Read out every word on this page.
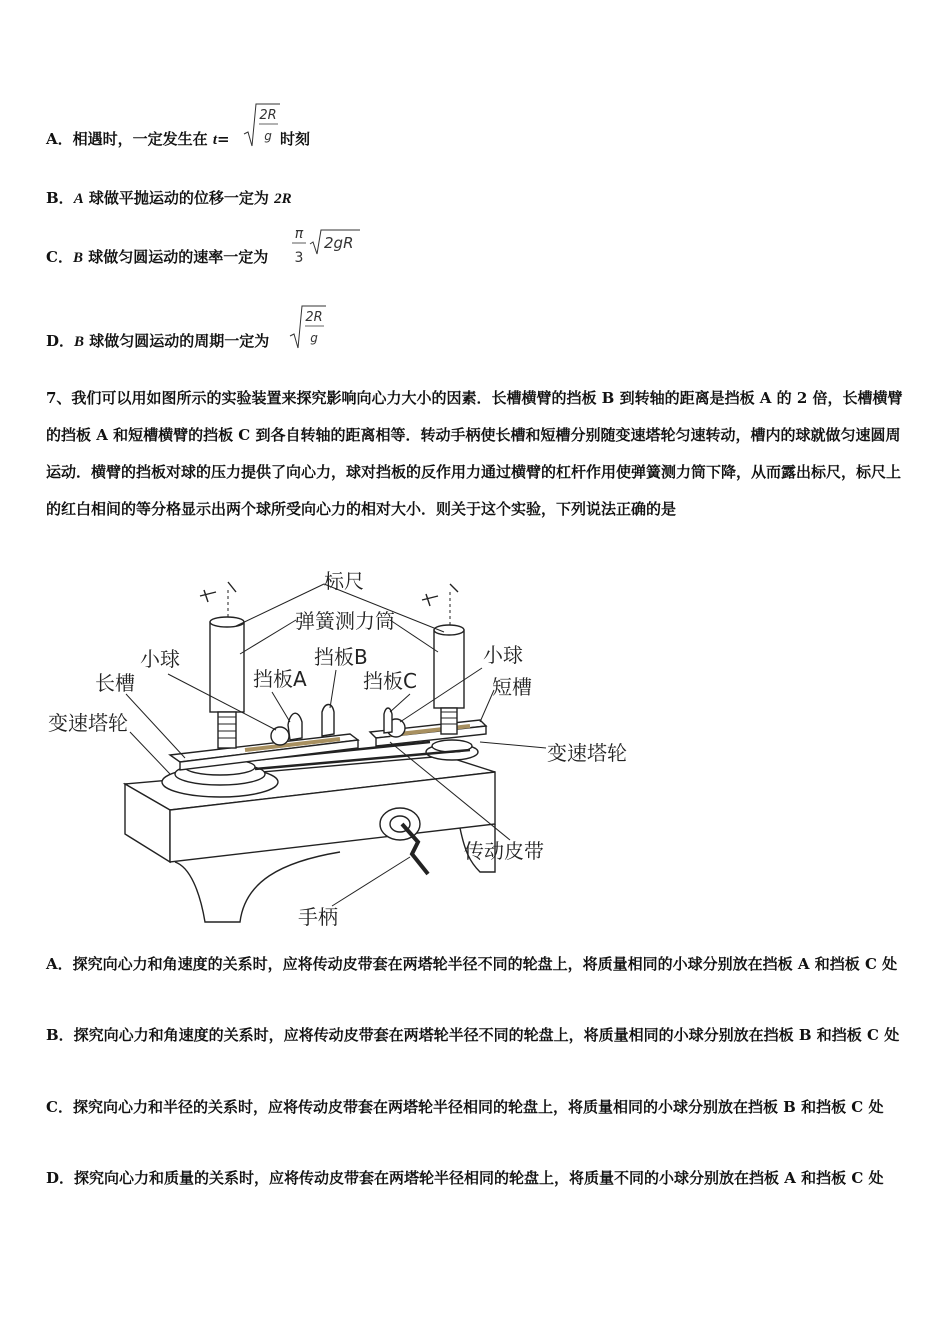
A．相遇时，一定发生在 t=
2R
g 时刻
B．A 球做平抛运动的位移一定为 2R
C．B 球做匀圆运动的速率一定为
π
3
2gR
D．B 球做匀圆运动的周期一定为
2R
g
7、我们可以用如图所示的实验装置来探究影响向心力大小的因素．长槽横臂的挡板 B 到转轴的距离是挡板 A 的 2 倍，长槽横臂的挡板 A 和短槽横臂的挡板 C 到各自转轴的距离相等．转动手柄使长槽和短槽分别随变速塔轮匀速转动，槽内的球就做匀速圆周运动．横臂的挡板对球的压力提供了向心力，球对挡板的反作用力通过横臂的杠杆作用使弹簧测力筒下降，从而露出标尺，标尺上的红白相间的等分格显示出两个球所受向心力的相对大小．则关于这个实验，下列说法正确的是
标尺
弹簧测力筒
小球	小球
长槽	短槽
挡板A
挡板B
挡板C
变速塔轮
变速塔轮
传动皮带
手柄
A．探究向心力和角速度的关系时，应将传动皮带套在两塔轮半径不同的轮盘上，将质量相同的小球分别放在挡板 A 和挡板 C 处
B．探究向心力和角速度的关系时，应将传动皮带套在两塔轮半径不同的轮盘上，将质量相同的小球分别放在挡板 B 和挡板 C 处
C．探究向心力和半径的关系时，应将传动皮带套在两塔轮半径相同的轮盘上，将质量相同的小球分别放在挡板 B 和挡板 C 处
D．探究向心力和质量的关系时，应将传动皮带套在两塔轮半径相同的轮盘上，将质量不同的小球分别放在挡板 A 和挡板 C 处
